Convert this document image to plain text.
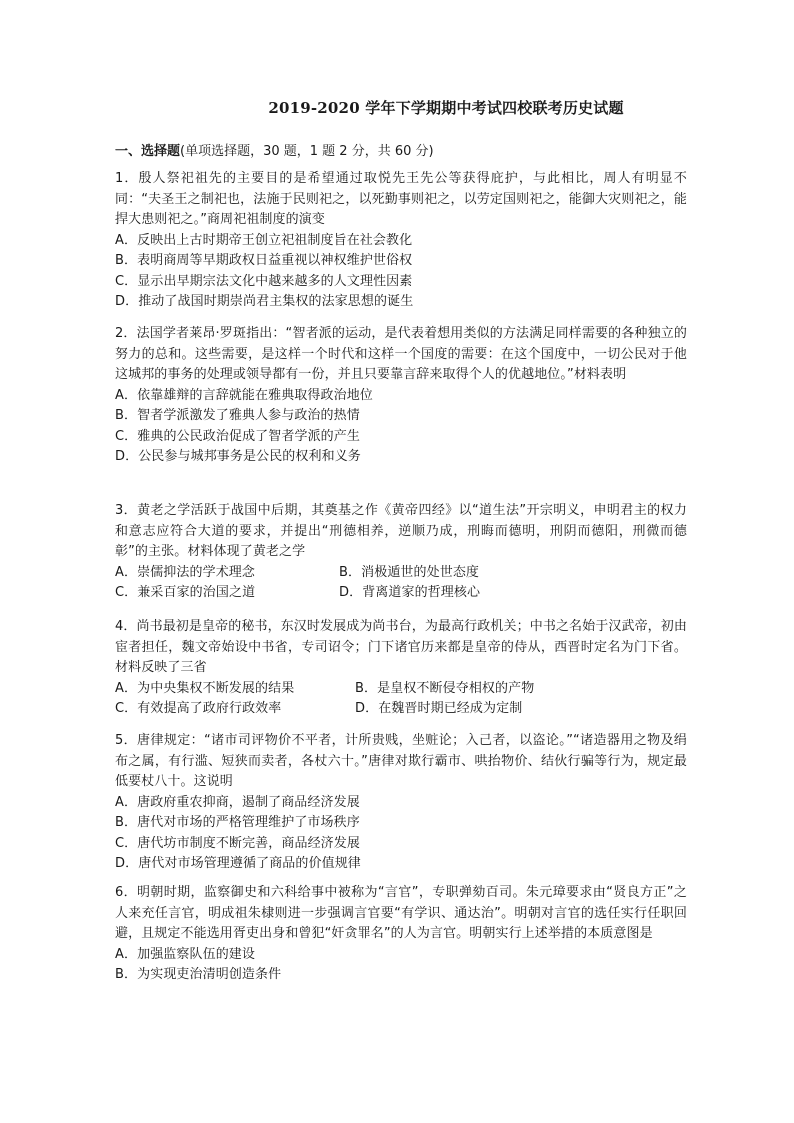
2019-2020 学年下学期期中考试四校联考历史试题
一、选择题(单项选择题，30 题，1 题 2 分，共 60 分)
1．殷人祭祀祖先的主要目的是希望通过取悦先王先公等获得庇护，与此相比，周人有明显不同：“夫圣王之制祀也，法施于民则祀之，以死勤事则祀之，以劳定国则祀之，能御大灾则祀之，能捍大患则祀之。”商周祀祖制度的演变
A．反映出上古时期帝王创立祀祖制度旨在社会教化
B．表明商周等早期政权日益重视以神权维护世俗权
C．显示出早期宗法文化中越来越多的人文理性因素
D．推动了战国时期崇尚君主集权的法家思想的诞生
2．法国学者莱昂·罗斑指出：“智者派的运动，是代表着想用类似的方法满足同样需要的各种独立的努力的总和。这些需要，是这样一个时代和这样一个国度的需要：在这个国度中，一切公民对于他这城邦的事务的处理或领导都有一份，并且只要靠言辞来取得个人的优越地位。”材料表明
A．依靠雄辩的言辞就能在雅典取得政治地位
B．智者学派激发了雅典人参与政治的热情
C．雅典的公民政治促成了智者学派的产生
D．公民参与城邦事务是公民的权利和义务
3．黄老之学活跃于战国中后期，其奠基之作《黄帝四经》以“道生法”开宗明义，申明君主的权力和意志应符合大道的要求，并提出“刑德相养，逆顺乃成，刑晦而德明，刑阴而德阳，刑微而德彰”的主张。材料体现了黄老之学
A．崇儒抑法的学术理念	B．消极遁世的处世态度
C．兼采百家的治国之道	D．背离道家的哲理核心
4．尚书最初是皇帝的秘书，东汉时发展成为尚书台，为最高行政机关；中书之名始于汉武帝，初由宦者担任，魏文帝始设中书省，专司诏令；门下诸官历来都是皇帝的侍从，西晋时定名为门下省。材料反映了三省
A．为中央集权不断发展的结果	B．是皇权不断侵夺相权的产物
C．有效提高了政府行政效率	D．在魏晋时期已经成为定制
5．唐律规定：“诸市司评物价不平者，计所贵贱，坐赃论；入己者，以盗论。”“诸造器用之物及绢布之属，有行滥、短狭而卖者，各杖六十。”唐律对欺行霸市、哄抬物价、结伙行骗等行为，规定最低要杖八十。这说明
A．唐政府重农抑商，遏制了商品经济发展
B．唐代对市场的严格管理维护了市场秩序
C．唐代坊市制度不断完善，商品经济发展
D．唐代对市场管理遵循了商品的价值规律
6．明朝时期，监察御史和六科给事中被称为“言官”，专职弹劾百司。朱元璋要求由“贤良方正”之人来充任言官，明成祖朱棣则进一步强调言官要“有学识、通达治”。明朝对言官的选任实行任职回避，且规定不能选用胥吏出身和曾犯“奸贪罪名”的人为言官。明朝实行上述举措的本质意图是
A．加强监察队伍的建设
B．为实现吏治清明创造条件
